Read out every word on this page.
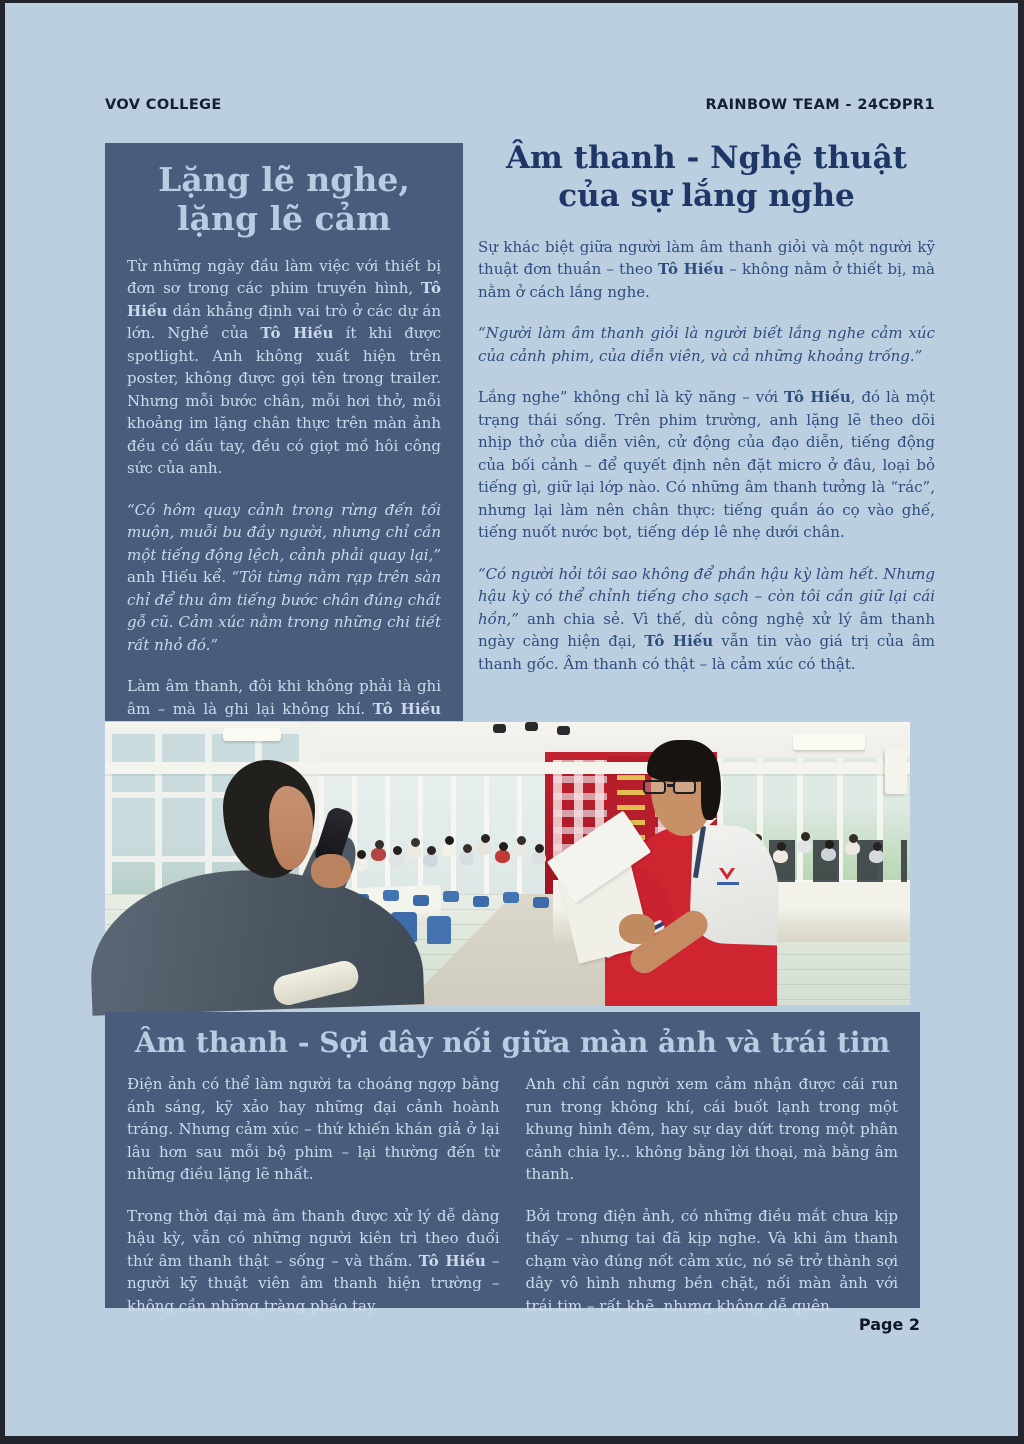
VOV COLLEGE	RAINBOW TEAM - 24CĐPR1
Lặng lẽ nghe,
lặng lẽ cảm

Từ những ngày đầu làm việc với thiết bị đơn sơ trong các phim truyền hình, Tô Hiếu dần khẳng định vai trò ở các dự án lớn. Nghề của Tô Hiếu ít khi được spotlight. Anh không xuất hiện trên poster, không được gọi tên trong trailer. Nhưng mỗi bước chân, mỗi hơi thở, mỗi khoảng im lặng chân thực trên màn ảnh đều có dấu tay, đều có giọt mồ hôi công sức của anh.

“Có hôm quay cảnh trong rừng đến tối muộn, muỗi bu đầy người, nhưng chỉ cần một tiếng động lệch, cảnh phải quay lại,” anh Hiếu kể. “Tôi từng nằm rạp trên sàn chỉ để thu âm tiếng bước chân đúng chất gỗ cũ. Cảm xúc nằm trong những chi tiết rất nhỏ đó.”

Làm âm thanh, đôi khi không phải là ghi âm – mà là ghi lại không khí. Tô Hiếu

Âm thanh - Nghệ thuật của sự lắng nghe

Sự khác biệt giữa người làm âm thanh giỏi và một người kỹ thuật đơn thuần – theo Tô Hiếu – không nằm ở thiết bị, mà nằm ở cách lắng nghe.

“Người làm âm thanh giỏi là người biết lắng nghe cảm xúc của cảnh phim, của diễn viên, và cả những khoảng trống.”

Lắng nghe” không chỉ là kỹ năng – với Tô Hiếu, đó là một trạng thái sống. Trên phim trường, anh lặng lẽ theo dõi nhịp thở của diễn viên, cử động của đạo diễn, tiếng động của bối cảnh – để quyết định nên đặt micro ở đâu, loại bỏ tiếng gì, giữ lại lớp nào. Có những âm thanh tưởng là “rác”, nhưng lại làm nên chân thực: tiếng quần áo cọ vào ghế, tiếng nuốt nước bọt, tiếng dép lê nhẹ dưới chân.

“Có người hỏi tôi sao không để phần hậu kỳ làm hết. Nhưng hậu kỳ có thể chỉnh tiếng cho sạch – còn tôi cần giữ lại cái hồn,” anh chia sẻ. Vì thế, dù công nghệ xử lý âm thanh ngày càng hiện đại, Tô Hiếu vẫn tin vào giá trị của âm thanh gốc. Âm thanh có thật – là cảm xúc có thật.

Âm thanh - Sợi dây nối giữa màn ảnh và trái tim

Điện ảnh có thể làm người ta choáng ngợp bằng ánh sáng, kỹ xảo hay những đại cảnh hoành tráng. Nhưng cảm xúc – thứ khiến khán giả ở lại lâu hơn sau mỗi bộ phim – lại thường đến từ những điều lặng lẽ nhất.

Trong thời đại mà âm thanh được xử lý dễ dàng hậu kỳ, vẫn có những người kiên trì theo đuổi thứ âm thanh thật – sống – và thấm. Tô Hiếu – người kỹ thuật viên âm thanh hiện trường – không cần những tràng pháo tay.

Anh chỉ cần người xem cảm nhận được cái run run trong không khí, cái buốt lạnh trong một khung hình đêm, hay sự day dứt trong một phân cảnh chia ly... không bằng lời thoại, mà bằng âm thanh.

Bởi trong điện ảnh, có những điều mắt chưa kịp thấy – nhưng tai đã kịp nghe. Và khi âm thanh chạm vào đúng nốt cảm xúc, nó sẽ trở thành sợi dây vô hình nhưng bền chặt, nối màn ảnh với trái tim – rất khẽ, nhưng không dễ quên.

Page 2
